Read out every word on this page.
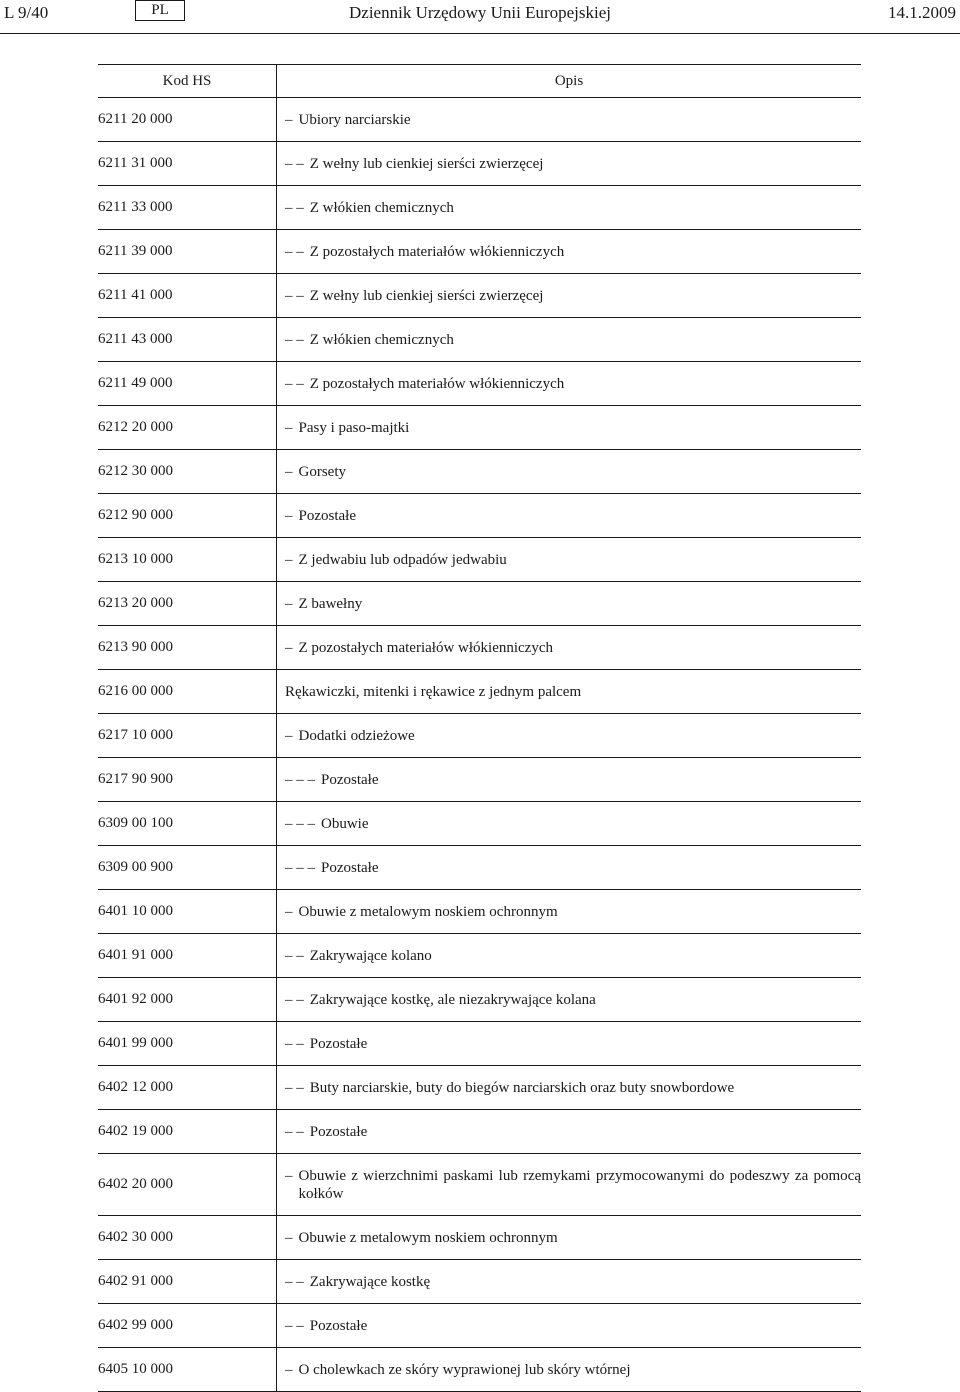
L 9/40	PL	Dziennik Urzędowy Unii Europejskiej	14.1.2009
Kod HS	Opis
6211 20 000	– Ubiory narciarskie

6211 31 000	– – Z wełny lub cienkiej sierści zwierzęcej

6211 33 000	– – Z włókien chemicznych

6211 39 000	– – Z pozostałych materiałów włókienniczych

6211 41 000	– – Z wełny lub cienkiej sierści zwierzęcej

6211 43 000	– – Z włókien chemicznych

6211 49 000	– – Z pozostałych materiałów włókienniczych

6212 20 000	– Pasy i paso-majtki

6212 30 000	– Gorsety

6212 90 000	– Pozostałe

6213 10 000	– Z jedwabiu lub odpadów jedwabiu

6213 20 000	– Z bawełny

6213 90 000	– Z pozostałych materiałów włókienniczych

6216 00 000	Rękawiczki, mitenki i rękawice z jednym palcem

6217 10 000	– Dodatki odzieżowe

6217 90 900	– – – Pozostałe

6309 00 100	– – – Obuwie

6309 00 900	– – – Pozostałe

6401 10 000	– Obuwie z metalowym noskiem ochronnym

6401 91 000	– – Zakrywające kolano

6401 92 000	– – Zakrywające kostkę, ale niezakrywające kolana

6401 99 000	– – Pozostałe

6402 12 000	– – Buty narciarskie, buty do biegów narciarskich oraz buty snowbordowe

6402 19 000	– – Pozostałe

6402 20 000	– Obuwie z wierzchnimi paskami lub rzemykami przymocowanymi do podeszwy za pomocą kołków

6402 30 000	– Obuwie z metalowym noskiem ochronnym

6402 91 000	– – Zakrywające kostkę

6402 99 000	– – Pozostałe

6405 10 000	– O cholewkach ze skóry wyprawionej lub skóry wtórnej
